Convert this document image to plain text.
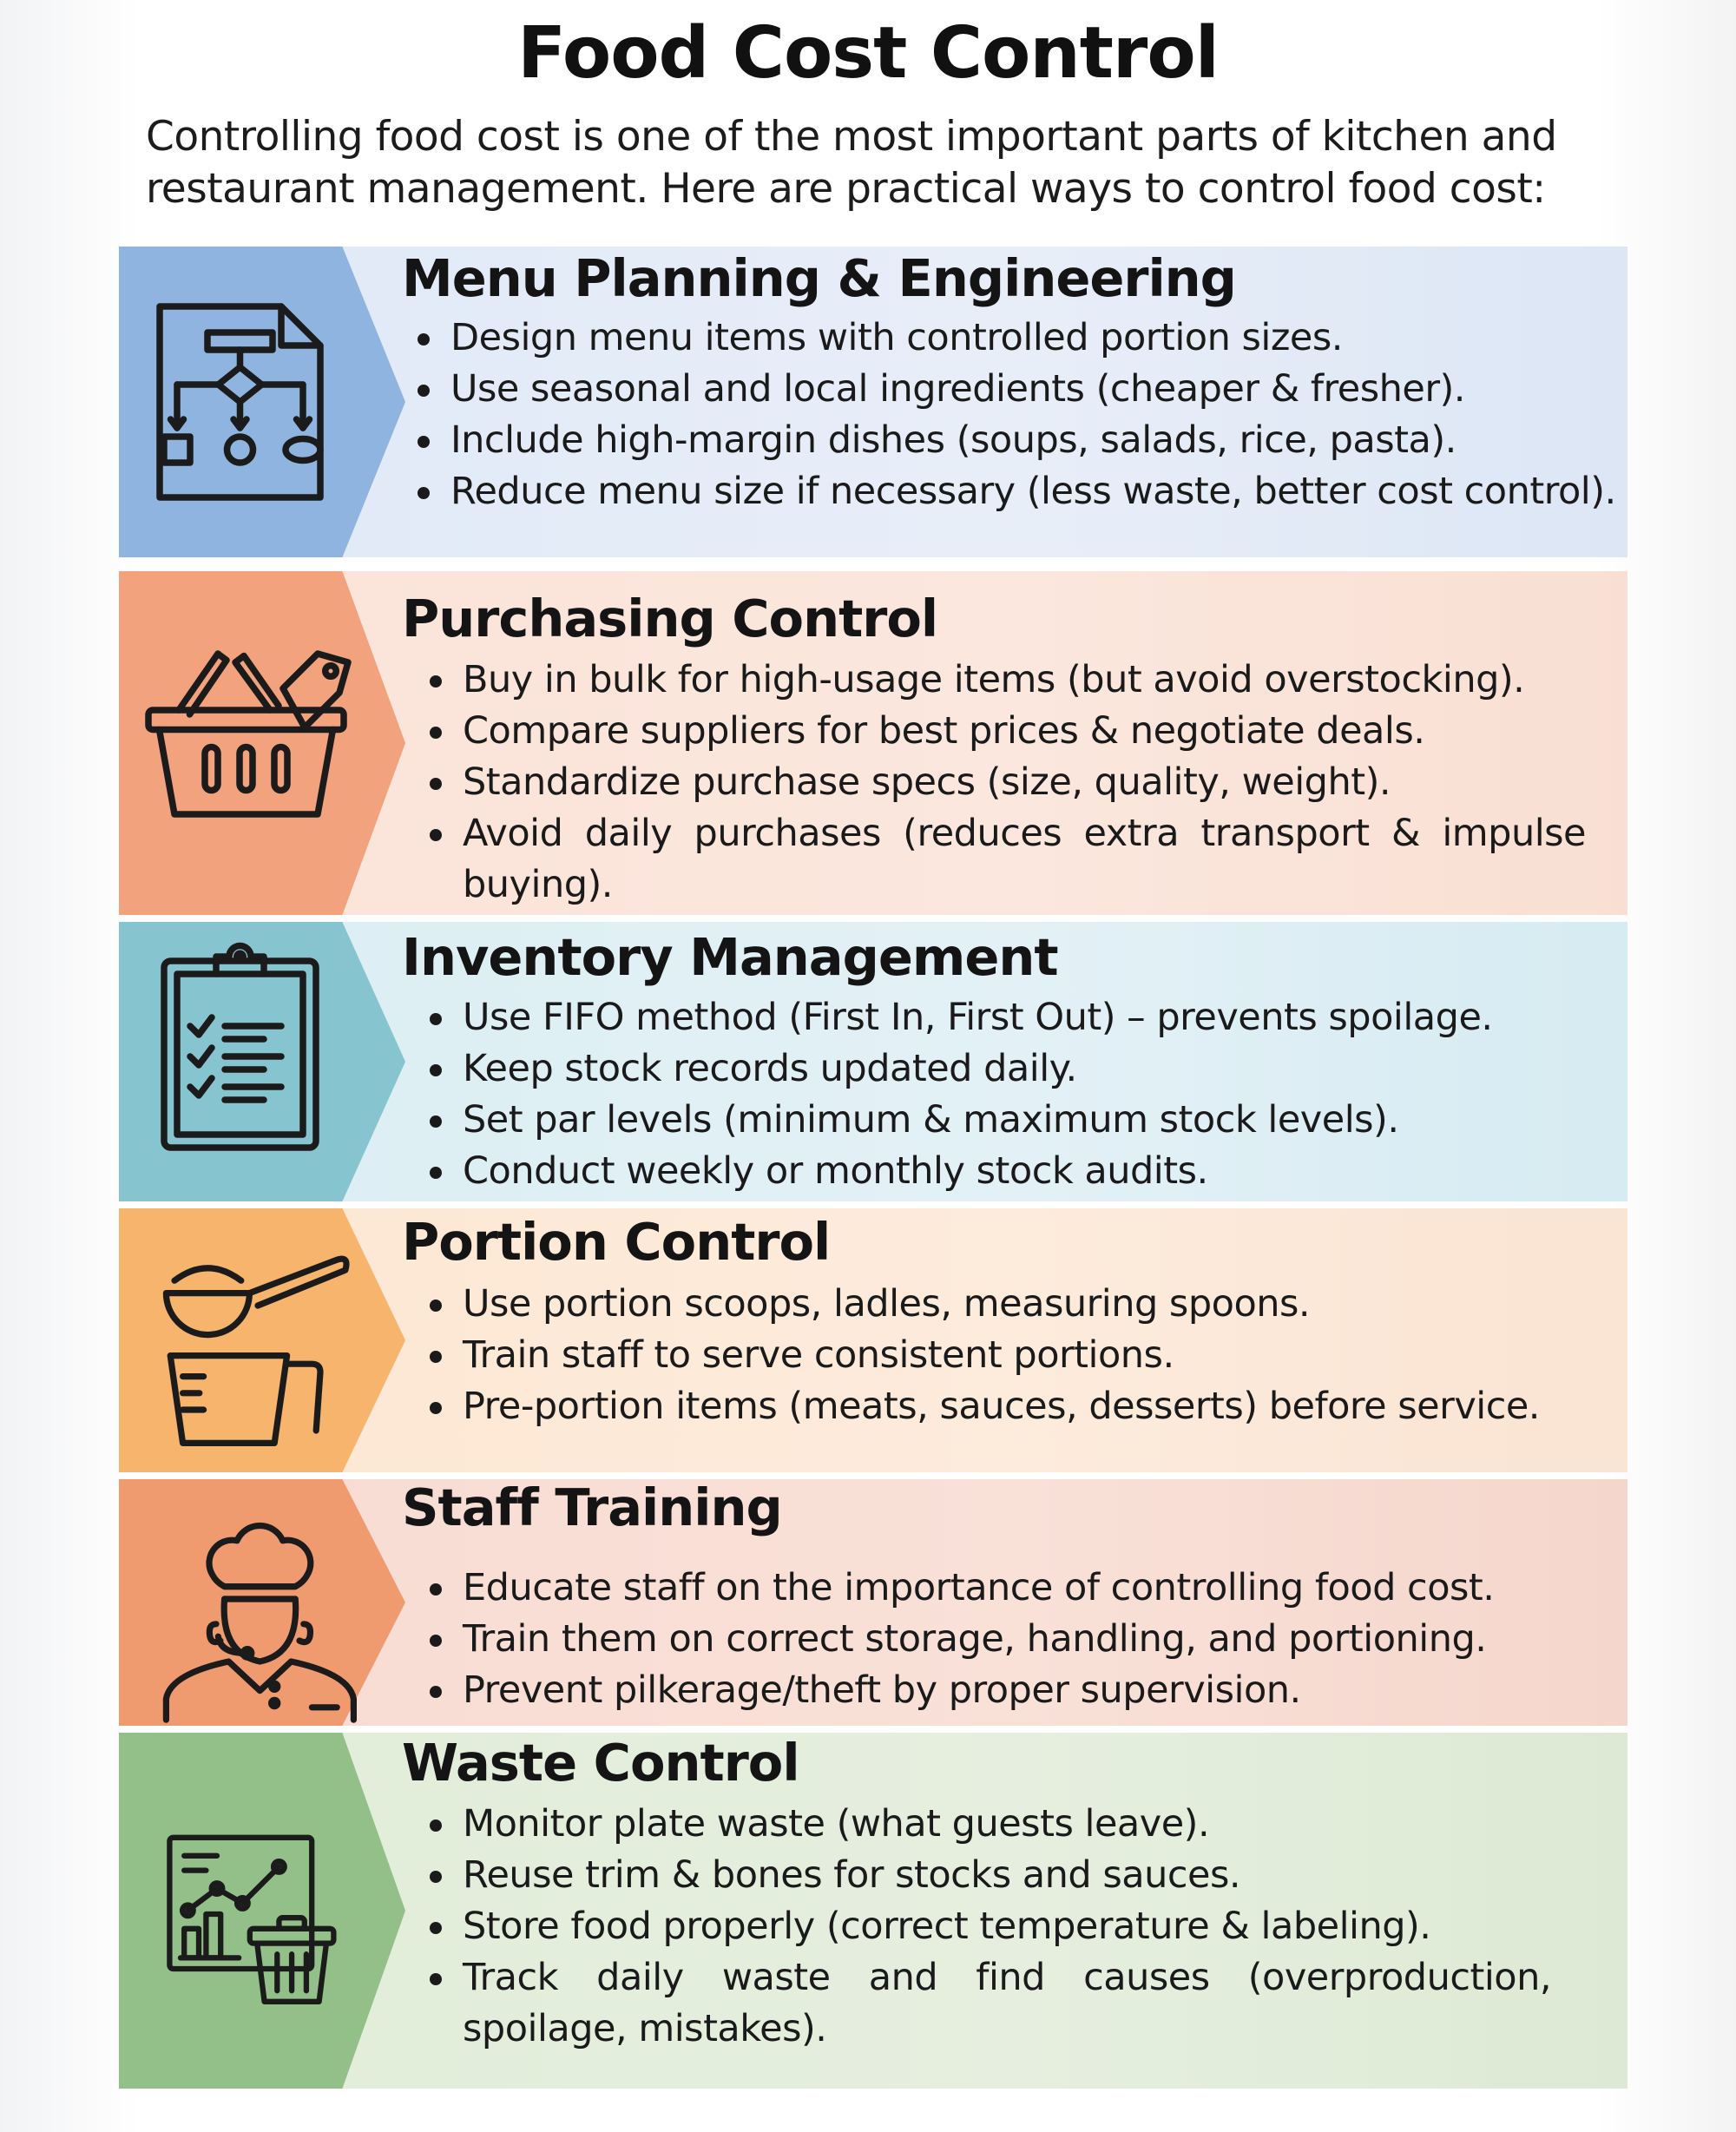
Food Cost Control
Controlling food cost is one of the most important parts of kitchen and restaurant management. Here are practical ways to control food cost:
Menu Planning & Engineering
Design menu items with controlled portion sizes.
Use seasonal and local ingredients (cheaper & fresher).
Include high-margin dishes (soups, salads, rice, pasta).
Reduce menu size if necessary (less waste, better cost control).
Purchasing Control
Buy in bulk for high-usage items (but avoid overstocking).
Compare suppliers for best prices & negotiate deals.
Standardize purchase specs (size, quality, weight).
Avoid daily purchases (reduces extra transport & impulse buying).
Inventory Management
Use FIFO method (First In, First Out) – prevents spoilage.
Keep stock records updated daily.
Set par levels (minimum & maximum stock levels).
Conduct weekly or monthly stock audits.
Portion Control
Use portion scoops, ladles, measuring spoons.
Train staff to serve consistent portions.
Pre-portion items (meats, sauces, desserts) before service.
Staff Training
Educate staff on the importance of controlling food cost.
Train them on correct storage, handling, and portioning.
Prevent pilkerage/theft by proper supervision.
Waste Control
Monitor plate waste (what guests leave).
Reuse trim & bones for stocks and sauces.
Store food properly (correct temperature & labeling).
Track daily waste and find causes (overproduction, spoilage, mistakes).
